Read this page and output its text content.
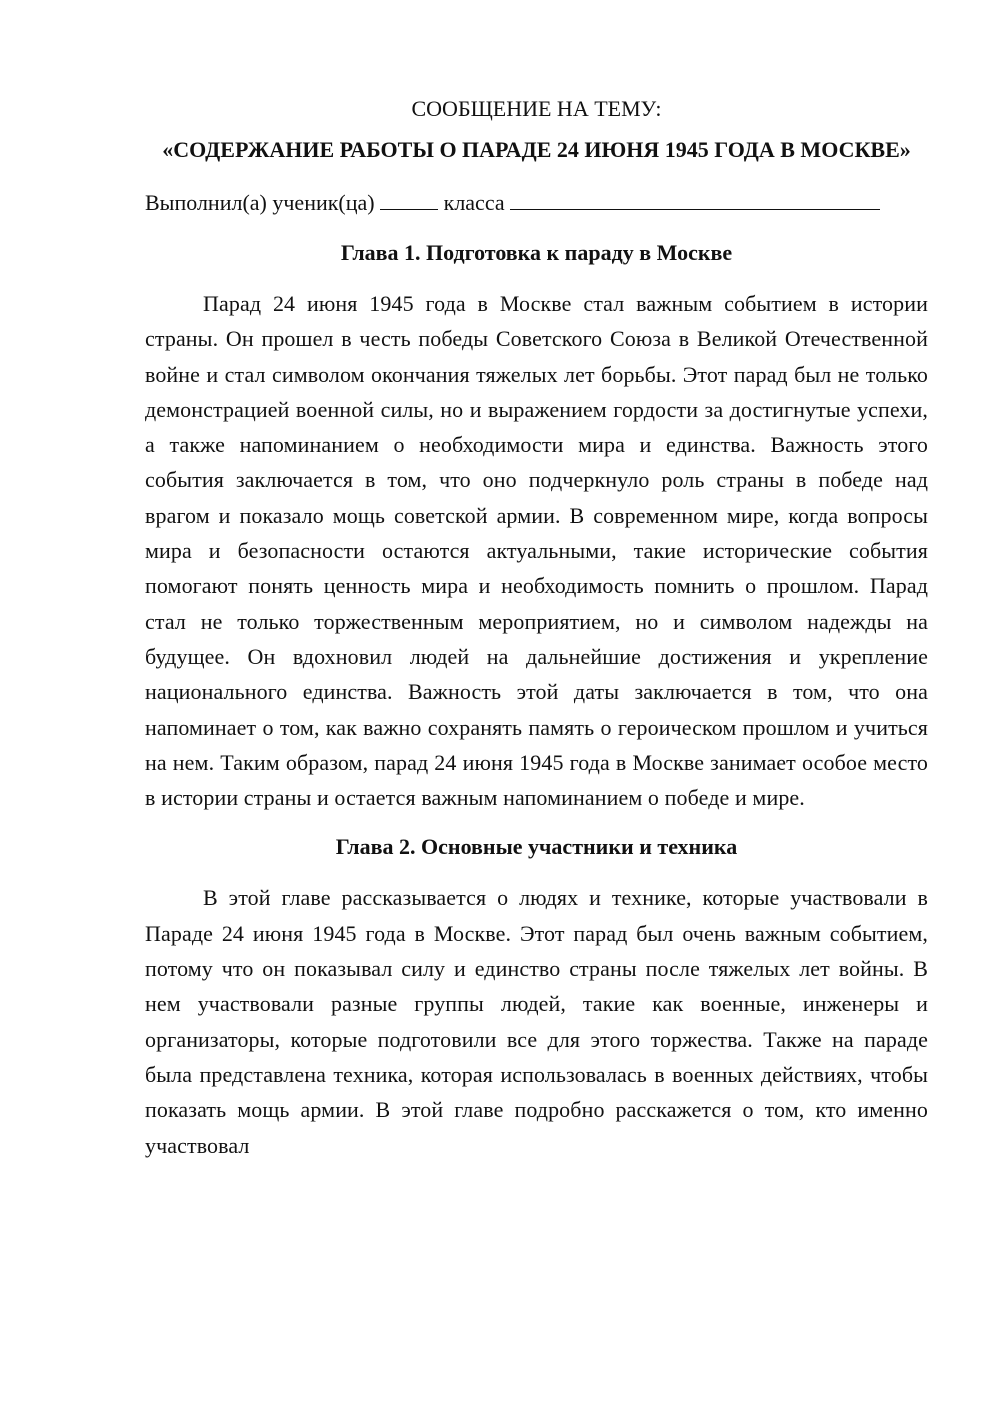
СООБЩЕНИЕ НА ТЕМУ:

«СОДЕРЖАНИЕ РАБОТЫ О ПАРАДЕ 24 ИЮНЯ 1945 ГОДА В МОСКВЕ»
Выполнил(а) ученик(ца)	класса
Глава 1. Подготовка к параду в Москве

Парад 24 июня 1945 года в Москве стал важным событием в истории страны. Он прошел в честь победы Советского Союза в Великой Отечественной войне и стал символом окончания тяжелых лет борьбы. Этот парад был не только демонстрацией военной силы, но и выражением гордости за достигнутые успехи, а также напоминанием о необходимости мира и единства. Важность этого события заключается в том, что оно подчеркнуло роль страны в победе над врагом и показало мощь советской армии. В современном мире, когда вопросы мира и безопасности остаются актуальными, такие исторические события помогают понять ценность мира и необходимость помнить о прошлом. Парад стал не только торжественным мероприятием, но и символом надежды на будущее. Он вдохновил людей на дальнейшие достижения и укрепление национального единства. Важность этой даты заключается в том, что она напоминает о том, как важно сохранять память о героическом прошлом и учиться на нем. Таким образом, парад 24 июня 1945 года в Москве занимает особое место в истории страны и остается важным напоминанием о победе и мире.

Глава 2. Основные участники и техника

В этой главе рассказывается о людях и технике, которые участвовали в Параде 24 июня 1945 года в Москве. Этот парад был очень важным событием, потому что он показывал силу и единство страны после тяжелых лет войны. В нем участвовали разные группы людей, такие как военные, инженеры и организаторы, которые подготовили все для этого торжества. Также на параде была представлена техника, которая использовалась в военных действиях, чтобы показать мощь армии. В этой главе подробно расскажется о том, кто именно участвовал
